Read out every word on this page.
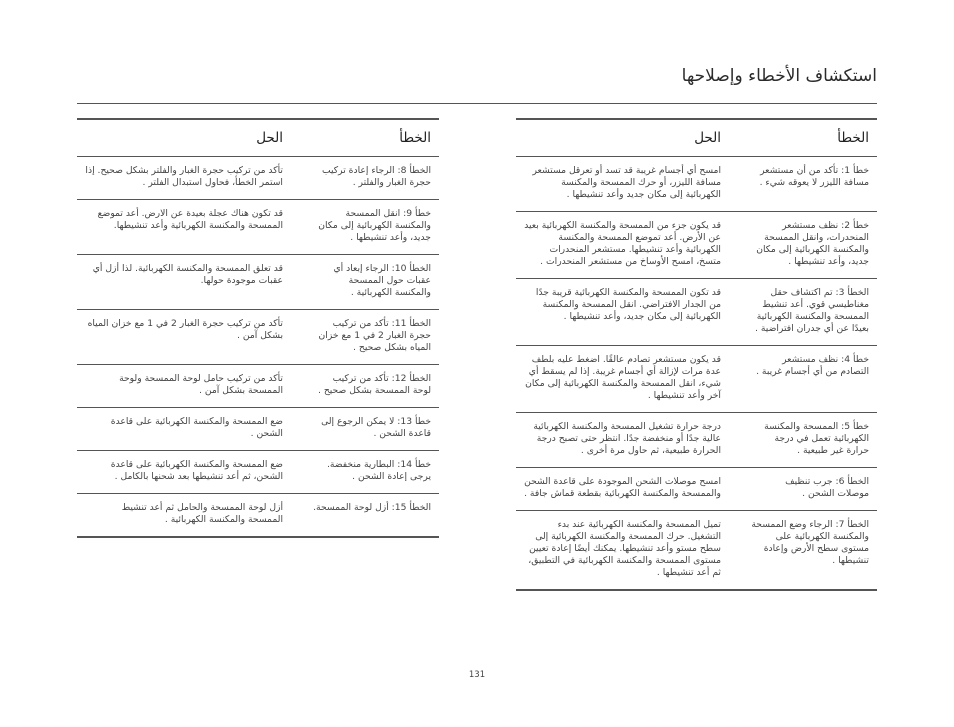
استكشاف الأخطاء وإصلاحها
الخطأ	الحل
الخطأ 8: الرجاء إعادة تركيب حجرة الغبار والفلتر .	تأكد من تركيب حجرة الغبار والفلتر بشكل صحيح. إذا استمر الخطأ، فحاول استبدال الفلتر .
خطأ 9: انقل الممسحة والمكنسة الكهربائية إلى مكان جديد، وأعد تنشيطها .	قد تكون هناك عجلة بعيدة عن الارض. أعد تموضع الممسحة والمكنسة الكهربائية وأعد تنشيطها.
الخطأ 10: الرجاء إبعاد أي عقبات حول الممسحة والمكنسة الكهربائية .	قد تعلق الممسحة والمكنسة الكهربائية. لذا أزل أي عقبات موجودة حولها.
الخطأ 11: تأكد من تركيب حجرة الغبار 2 في 1 مع خزان المياه بشكل صحيح .	تأكد من تركيب حجرة الغبار 2 في 1 مع خزان المياه بشكل آمن .
الخطأ 12: تأكد من تركيب لوحة الممسحة بشكل صحيح .	تأكد من تركيب حامل لوحة الممسحة ولوحة الممسحة بشكل آمن .
خطأ 13: لا يمكن الرجوع إلى قاعدة الشحن .	ضع الممسحة والمكنسة الكهربائية على قاعدة الشحن .
خطأ 14: البطارية منخفضة. يرجى إعادة الشحن .	ضع الممسحة والمكنسة الكهربائية على قاعدة الشحن، ثم أعد تنشيطها بعد شحنها بالكامل .
الخطأ 15: أزل لوحة الممسحة.	أزل لوحة الممسحة والحامل ثم أعد تنشيط الممسحة والمكنسة الكهربائية .
الخطأ	الحل
خطأ 1: تأكد من أن مستشعر مسافة الليزر لا يعوقه شيء .	امسح أي أجسام غريبة قد تسد أو تعرقل مستشعر مسافة الليزر، أو حرك الممسحة والمكنسة الكهربائية إلى مكان جديد وأعد تنشيطها .
خطأ 2: نظف مستشعر المنحدرات، وانقل الممسحة والمكنسة الكهربائية إلى مكان جديد، وأعد تنشيطها .	قد يكون جزء من الممسحة والمكنسة الكهربائية بعيد عن الأرض. أعد تموضع الممسحة والمكنسة الكهربائية وأعد تنشيطها. مستشعر المنحدرات متسخ، امسح الأوساخ من مستشعر المنحدرات .
الخطأ 3: تم اكتشاف حقل مغناطيسي قوي. أعد تنشيط الممسحة والمكنسة الكهربائية بعيدًا عن أي جدران افتراضية .	قد تكون الممسحة والمكنسة الكهربائية قريبة جدًا من الجدار الافتراضي. انقل الممسحة والمكنسة الكهربائية إلى مكان جديد، وأعد تنشيطها .
خطأ 4: نظف مستشعر التصادم من أي أجسام غريبة .	قد يكون مستشعر تصادم عالقًا. اضغط عليه بلطف عدة مرات لإزالة أي أجسام غريبة. إذا لم يسقط أي شيء، انقل الممسحة والمكنسة الكهربائية إلى مكان آخر وأعد تنشيطها .
خطأ 5: الممسحة والمكنسة الكهربائية تعمل في درجة حرارة غير طبيعية .	درجة حرارة تشغيل الممسحة والمكنسة الكهربائية عالية جدًا أو منخفضة جدًا. انتظر حتى تصبح درجة الحرارة طبيعية، ثم حاول مرة أخرى .
الخطأ 6: جرب تنظيف موصلات الشحن .	امسح موصلات الشحن الموجودة على قاعدة الشحن والممسحة والمكنسة الكهربائية بقطعة قماش جافة .
الخطأ 7: الرجاء وضع الممسحة والمكنسة الكهربائية على مستوى سطح الأرض وإعادة تنشيطها .	تميل الممسحة والمكنسة الكهربائية عند بدء التشغيل. حرك الممسحة والمكنسة الكهربائية إلى سطح مستو وأعد تنشيطها. يمكنك أيضًا إعادة تعيين مستوى الممسحة والمكنسة الكهربائية في التطبيق، ثم أعد تنشيطها .
131
